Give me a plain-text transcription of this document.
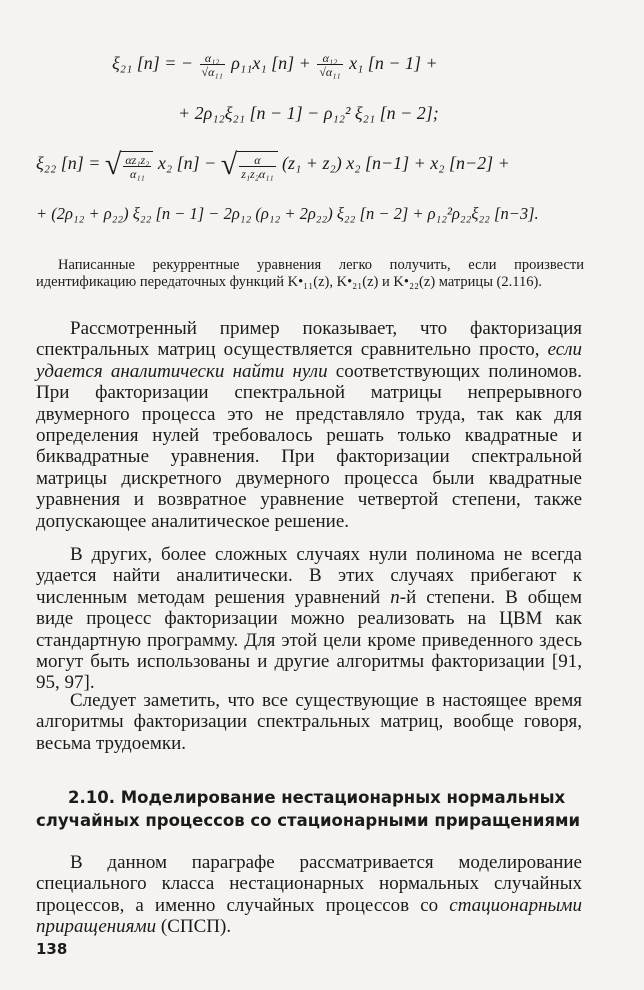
ξ₂₁ [n] = − $\frac{\text{α₁₂}}{\text{√α₁₁}} \rho_{11}x_1$ $[n] + \frac{\text{α₁₂}}{\text{√α₁₁}} x_1$ [n − 1] +
+ 2ρ₁₂ξ₂₁ [n − 1] − ρ₁₂² ξ₂₁ [n − 2];
ξ₂₂ [n] = √ $\frac{\text{αz₁z₂}}{\text{α₁₁}} x_2$ [n] − √ $\frac{\alpha}{\text{z₁z₂α₁₁}} (z_1 + z_2)$ x₂ [n−1] + x₂ [n−2] +
+ (2ρ₁₂ + ρ₂₂) ξ₂₂ [n − 1] − 2ρ₁₂ (ρ₁₂ + 2ρ₂₂) ξ₂₂ [n − 2] + ρ₁₂²ρ₂₂ξ₂₂ [n−3].
Написанные рекуррентные уравнения легко получить, если произвести идентификацию передаточных функций K•₁₁(z), K•₂₁(z) и K•₂₂(z) матрицы (2.116).
Рассмотренный пример показывает, что факторизация спектральных матриц осуществляется сравнительно просто, если удается аналитически найти нули соответствующих полиномов. При факторизации спектральной матрицы непрерывного двумерного процесса это не представляло труда, так как для определения нулей требовалось решать только квадратные и биквадратные уравнения. При факторизации спектральной матрицы дискретного двумерного процесса были квадратные уравнения и возвратное уравнение четвертой степени, также допускающее аналитическое решение.
В других, более сложных случаях нули полинома не всегда удается найти аналитически. В этих случаях прибегают к численным методам решения уравнений n-й степени. В общем виде процесс факторизации можно реализовать на ЦВМ как стандартную программу. Для этой цели кроме приведенного здесь могут быть использованы и другие алгоритмы факторизации [91, 95, 97].
Следует заметить, что все существующие в настоящее время алгоритмы факторизации спектральных матриц, вообще говоря, весьма трудоемки.
2.10. Моделирование нестационарных нормальных
случайных процессов со стационарными приращениями
В данном параграфе рассматривается моделирование специального класса нестационарных нормальных случайных процессов, а именно случайных процессов со стационарными приращениями (СПСП).
138
